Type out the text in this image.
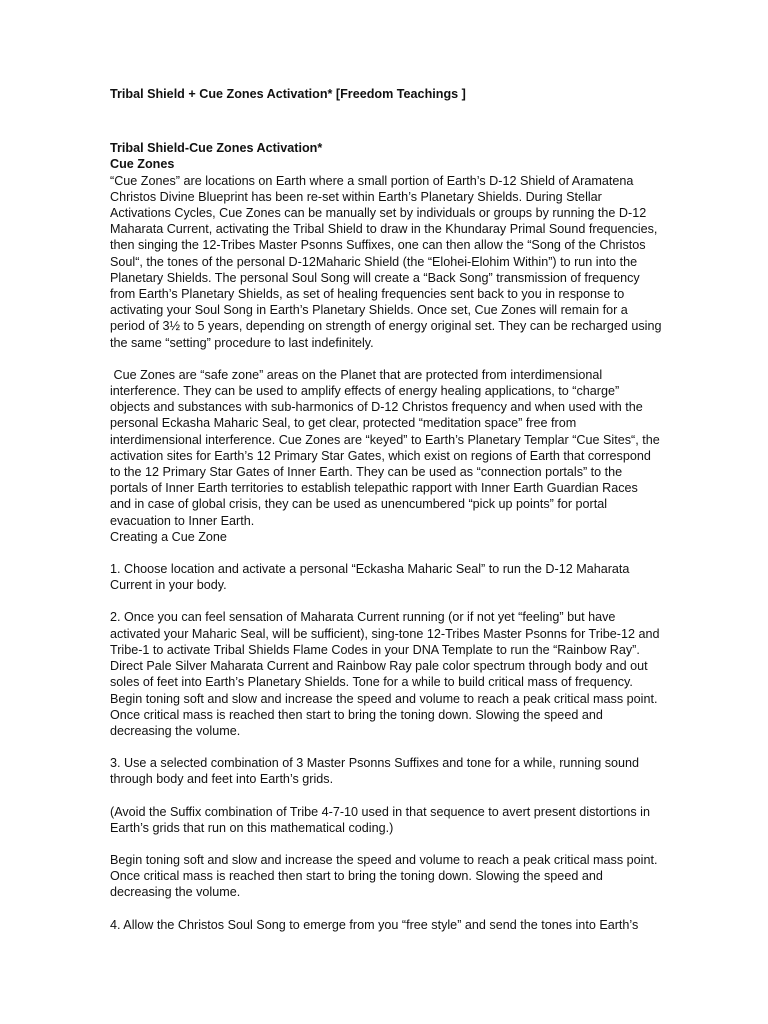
Tribal Shield + Cue Zones Activation* [Freedom Teachings ]

Tribal Shield-Cue Zones Activation*

Cue Zones

“Cue Zones” are locations on Earth where a small portion of Earth’s D-12 Shield of Aramatena Christos Divine Blueprint has been re-set within Earth’s Planetary Shields. During Stellar Activations Cycles, Cue Zones can be manually set by individuals or groups by running the D-12 Maharata Current, activating the Tribal Shield to draw in the Khundaray Primal Sound frequencies, then singing the 12-Tribes Master Psonns Suffixes, one can then allow the “Song of the Christos Soul“, the tones of the personal D-12Maharic Shield (the “Elohei-Elohim Within”) to run into the Planetary Shields. The personal Soul Song will create a “Back Song” transmission of frequency from Earth’s Planetary Shields, as set of healing frequencies sent back to you in response to activating your Soul Song in Earth’s Planetary Shields. Once set, Cue Zones will remain for a period of 3½ to 5 years, depending on strength of energy original set. They can be recharged using the same “setting” procedure to last indefinitely.

Cue Zones are “safe zone” areas on the Planet that are protected from interdimensional interference. They can be used to amplify effects of energy healing applications, to “charge” objects and substances with sub-harmonics of D-12 Christos frequency and when used with the personal Eckasha Maharic Seal, to get clear, protected “meditation space” free from interdimensional interference. Cue Zones are “keyed” to Earth’s Planetary Templar “Cue Sites“, the activation sites for Earth’s 12 Primary Star Gates, which exist on regions of Earth that correspond to the 12 Primary Star Gates of Inner Earth. They can be used as “connection portals” to the portals of Inner Earth territories to establish telepathic rapport with Inner Earth Guardian Races and in case of global crisis, they can be used as unencumbered “pick up points” for portal evacuation to Inner Earth.

Creating a Cue Zone

1. Choose location and activate a personal “Eckasha Maharic Seal” to run the D-12 Maharata Current in your body.

2. Once you can feel sensation of Maharata Current running (or if not yet “feeling” but have activated your Maharic Seal, will be sufficient), sing-tone 12-Tribes Master Psonns for Tribe-12 and Tribe-1 to activate Tribal Shields Flame Codes in your DNA Template to run the “Rainbow Ray”. Direct Pale Silver Maharata Current and Rainbow Ray pale color spectrum through body and out soles of feet into Earth’s Planetary Shields. Tone for a while to build critical mass of frequency. Begin toning soft and slow and increase the speed and volume to reach a peak critical mass point. Once critical mass is reached then start to bring the toning down. Slowing the speed and decreasing the volume.

3. Use a selected combination of 3 Master Psonns Suffixes and tone for a while, running sound through body and feet into Earth’s grids.

(Avoid the Suffix combination of Tribe 4-7-10 used in that sequence to avert present distortions in Earth’s grids that run on this mathematical coding.)

Begin toning soft and slow and increase the speed and volume to reach a peak critical mass point. Once critical mass is reached then start to bring the toning down. Slowing the speed and decreasing the volume.

4. Allow the Christos Soul Song to emerge from you “free style” and send the tones into Earth’s
